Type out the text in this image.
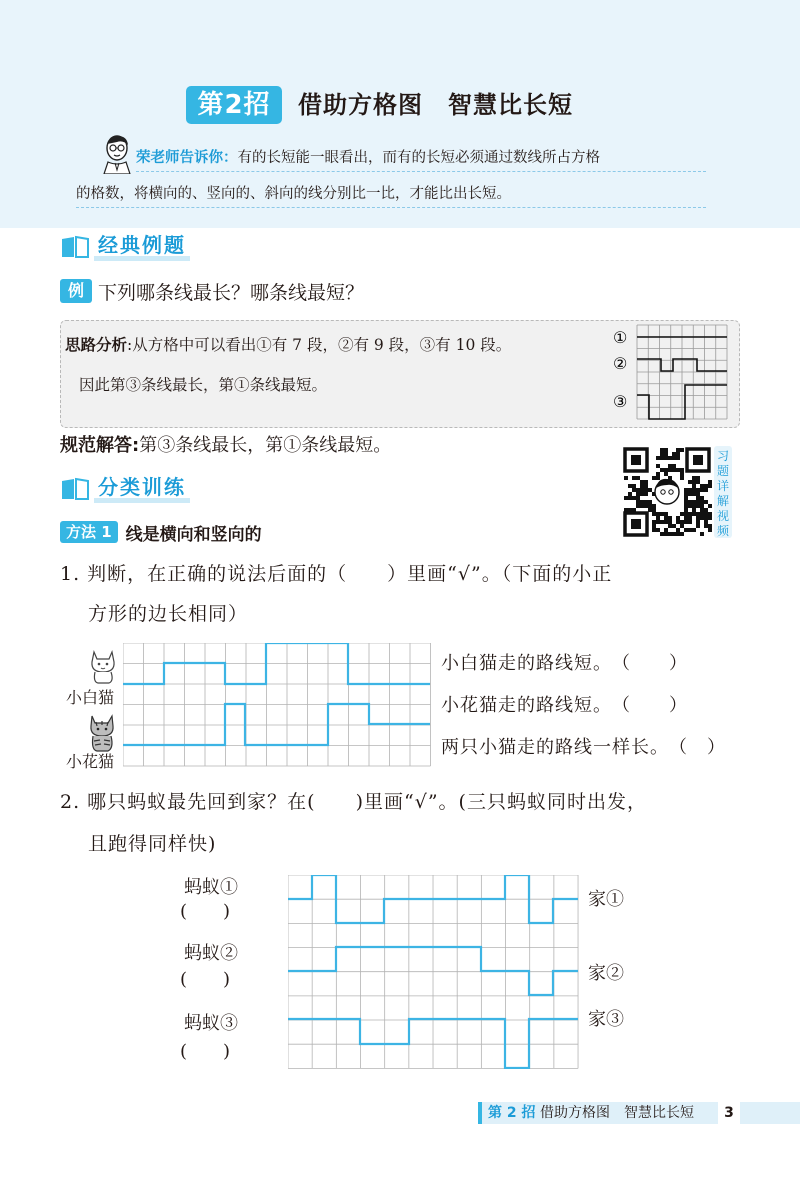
第2招	借助方格图　智慧比长短
荣老师告诉你：有的长短能一眼看出，而有的长短必须通过数线所占方格
的格数，将横向的、竖向的、斜向的线分别比一比，才能比出长短。
经典例题
例 下列哪条线最长？哪条线最短？
思路分析:从方格中可以看出①有 7 段，②有 9 段，③有 10 段。
因此第③条线最长，第①条线最短。
①
②
③
规范解答:第③条线最长，第①条线最短。	习
题
详
解
视
频
分类训练
方法 1 线是横向和竖向的
1. 判断，在正确的说法后面的（　　）里画“√”。（下面的小正
方形的边长相同）
小白猫
小花猫
小白猫走的路线短。（　　）
小花猫走的路线短。（　　）
两只小猫走的路线一样长。（　）
2. 哪只蚂蚁最先回到家？在(　　)里画“√”。(三只蚂蚁同时出发，
且跑得同样快)
蚂蚁①
(　　)
蚂蚁②
(　　)
蚂蚁③
(　　)
家①
家②
家③
第 2 招 借助方格图　智慧比长短	3
